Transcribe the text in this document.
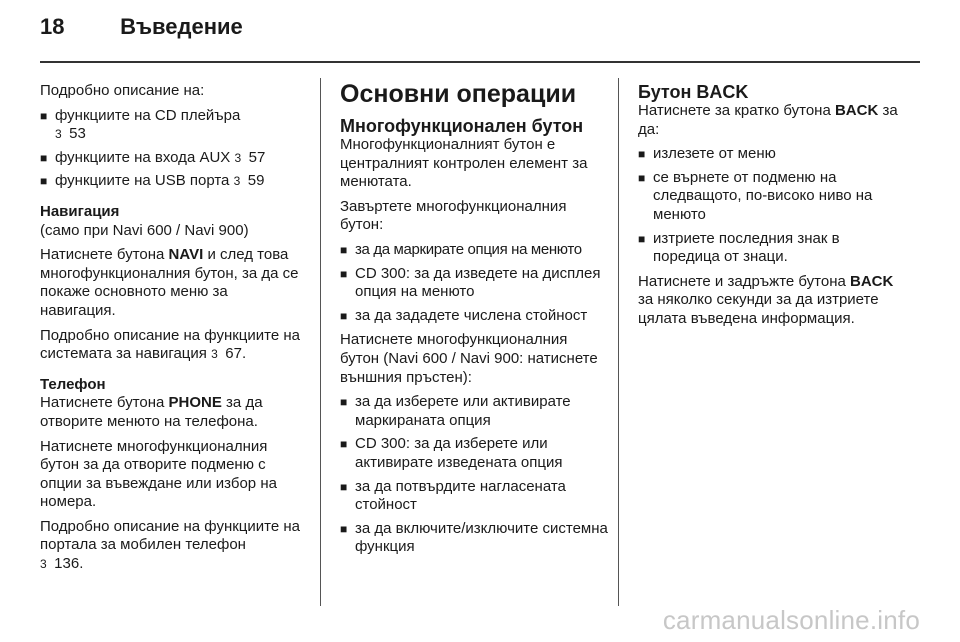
18	Въведение

Подробно описание на:

■ функциите на CD плейъра
3 53
■ функциите на входа AUX 3 57
■ функциите на USB порта 3 59

Навигация

(само при Navi 600 / Navi 900)

Натиснете бутона NAVI и след това многофункционалния бутон, за да се покаже основното меню за навигация.

Подробно описание на функциите на системата за навигация 3 67.

Телефон

Натиснете бутона PHONE за да отворите менюто на телефона.

Натиснете многофункционалния бутон за да отворите подменю с опции за въвеждане или избор на номера.

Подробно описание на функциите на портала за мобилен телефон
3 136.

Основни операции

Многофункционален бутон

Многофункционалният бутон е централният контролен елемент за менютата.

Завъртете многофункционалния бутон:

■ за да маркирате опция на менюто
■ CD 300: за да изведете на дисплея опция на менюто
■ за да зададете числена стойност

Натиснете многофункционалния бутон (Navi 600 / Navi 900: натиснете външния пръстен):

■ за да изберете или активирате маркираната опция
■ CD 300: за да изберете или активирате изведената опция
■ за да потвърдите нагласената стойност
■ за да включите/изключите системна функция

Бутон BACK

Натиснете за кратко бутона BACK за да:

■ излезете от меню
■ се върнете от подменю на следващото, по-високо ниво на менюто
■ изтриете последния знак в поредица от знаци.

Натиснете и задръжте бутона BACK за няколко секунди за да изтриете цялата въведена информация.

carmanualsonline.info
